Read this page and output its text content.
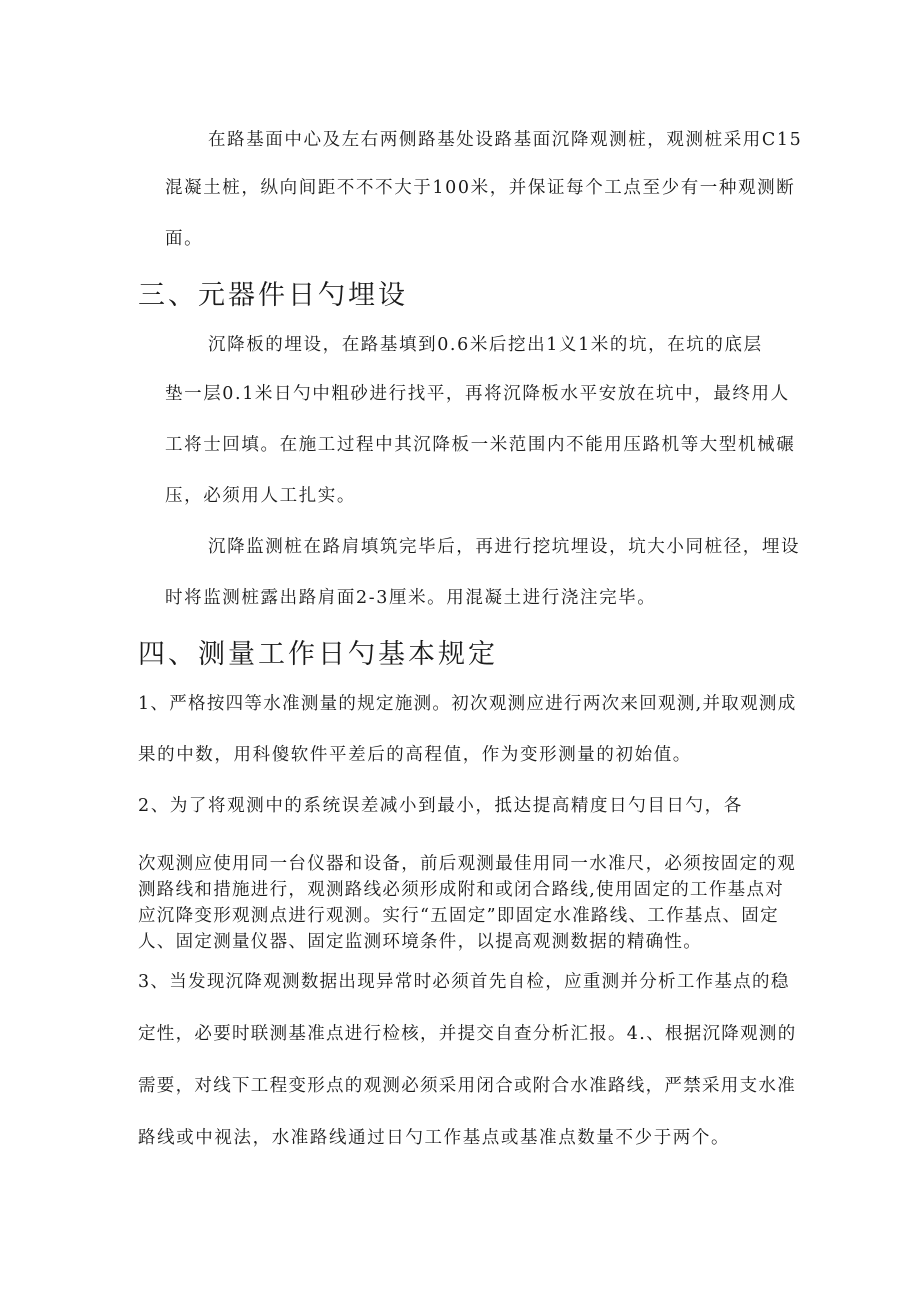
在路基面中心及左右两侧路基处设路基面沉降观测桩，观测桩采用C15
混凝土桩，纵向间距不不不大于100米，并保证每个工点至少有一种观测断
面。
三、元器件日勺埋设
沉降板的埋设，在路基填到0.6米后挖出1义1米的坑，在坑的底层
垫一层0.1米日勺中粗砂进行找平，再将沉降板水平安放在坑中，最终用人
工将士回填。在施工过程中其沉降板一米范围内不能用压路机等大型机械碾
压，必须用人工扎实。
沉降监测桩在路肩填筑完毕后，再进行挖坑埋设，坑大小同桩径，埋设
时将监测桩露出路肩面2-3厘米。用混凝土进行浇注完毕。
四、测量工作日勺基本规定
1、严格按四等水准测量的规定施测。初次观测应进行两次来回观测,并取观测成
果的中数，用科傻软件平差后的高程值，作为变形测量的初始值。
2、为了将观测中的系统误差减小到最小，抵达提高精度日勺目日勺，各
次观测应使用同一台仪器和设备，前后观测最佳用同一水准尺，必须按固定的观
测路线和措施进行，观测路线必须形成附和或闭合路线,使用固定的工作基点对
应沉降变形观测点进行观测。实行“五固定”即固定水准路线、工作基点、固定
人、固定测量仪器、固定监测环境条件，以提高观测数据的精确性。
3、当发现沉降观测数据出现异常时必须首先自检，应重测并分析工作基点的稳
定性，必要时联测基准点进行检核，并提交自查分析汇报。4.、根据沉降观测的
需要，对线下工程变形点的观测必须采用闭合或附合水准路线，严禁采用支水准
路线或中视法，水准路线通过日勺工作基点或基准点数量不少于两个。
